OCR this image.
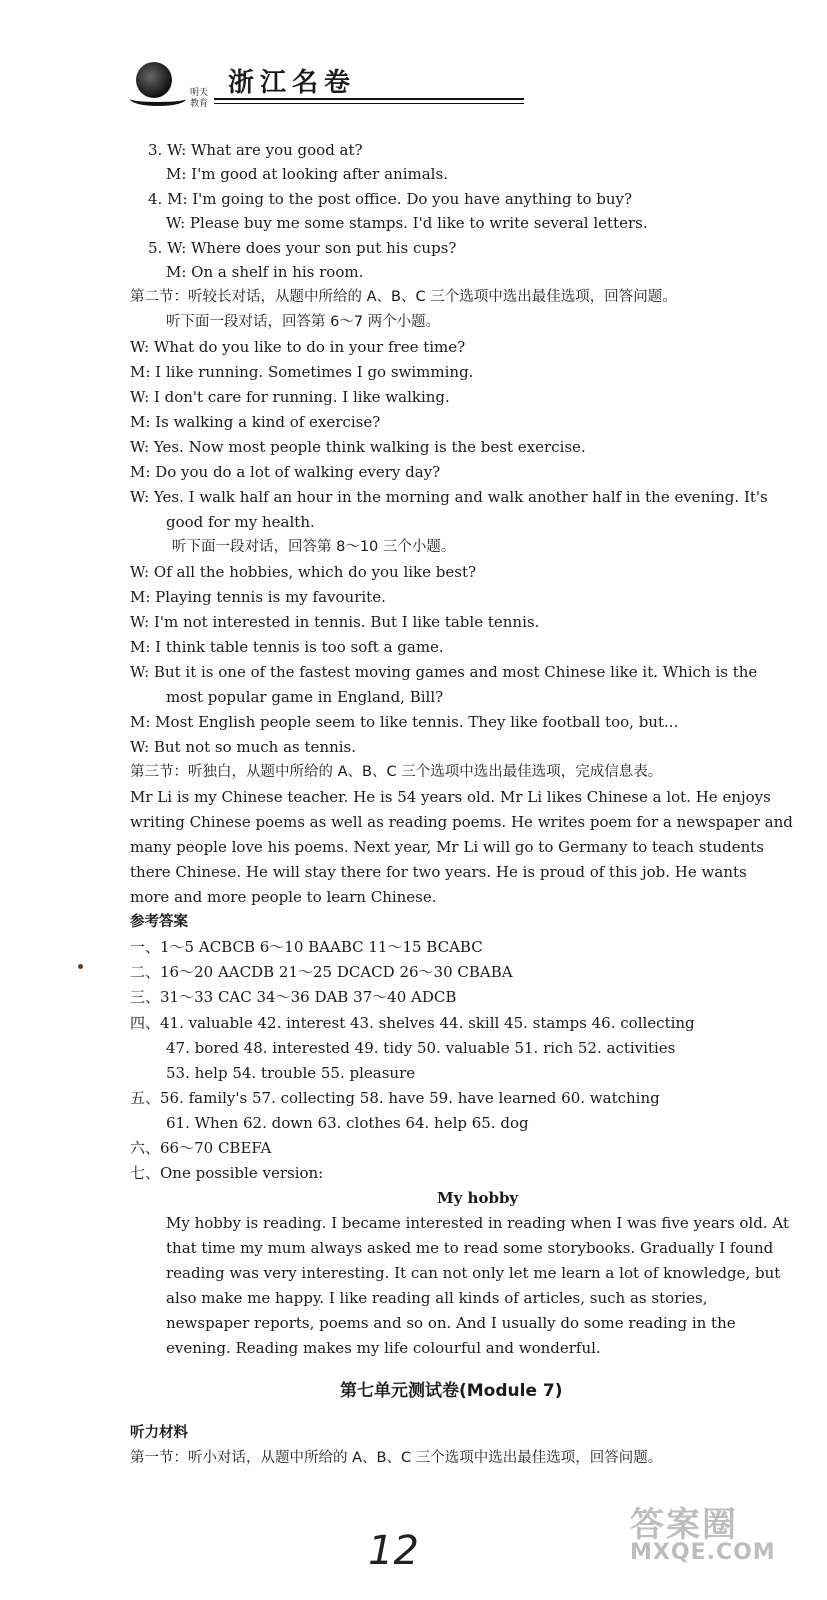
明天教育
浙江名卷
3. W: What are you good at?
M: I'm good at looking after animals.
4. M: I'm going to the post office. Do you have anything to buy?
W: Please buy me some stamps. I'd like to write several letters.
5. W: Where does your son put his cups?
M: On a shelf in his room.
第二节：听较长对话，从题中所给的 A、B、C 三个选项中选出最佳选项，回答问题。
听下面一段对话，回答第 6～7 两个小题。
W: What do you like to do in your free time?
M: I like running. Sometimes I go swimming.
W: I don't care for running. I like walking.
M: Is walking a kind of exercise?
W: Yes. Now most people think walking is the best exercise.
M: Do you do a lot of walking every day?
W: Yes. I walk half an hour in the morning and walk another half in the evening. It's
good for my health.
听下面一段对话，回答第 8～10 三个小题。
W: Of all the hobbies, which do you like best?
M: Playing tennis is my favourite.
W: I'm not interested in tennis. But I like table tennis.
M: I think table tennis is too soft a game.
W: But it is one of the fastest moving games and most Chinese like it. Which is the
most popular game in England, Bill?
M: Most English people seem to like tennis. They like football too, but...
W: But not so much as tennis.
第三节：听独白，从题中所给的 A、B、C 三个选项中选出最佳选项，完成信息表。
Mr Li is my Chinese teacher. He is 54 years old. Mr Li likes Chinese a lot. He enjoys
writing Chinese poems as well as reading poems. He writes poem for a newspaper and
many people love his poems. Next year, Mr Li will go to Germany to teach students
there Chinese. He will stay there for two years. He is proud of this job. He wants
more and more people to learn Chinese.
参考答案
一、1～5 ACBCB 6～10 BAABC 11～15 BCABC
二、16～20 AACDB 21～25 DCACD 26～30 CBABA
三、31～33 CAC 34～36 DAB 37～40 ADCB
四、41. valuable 42. interest 43. shelves 44. skill 45. stamps 46. collecting
47. bored 48. interested 49. tidy 50. valuable 51. rich 52. activities
53. help 54. trouble 55. pleasure
五、56. family's 57. collecting 58. have 59. have learned 60. watching
61. When 62. down 63. clothes 64. help 65. dog
六、66～70 CBEFA
七、One possible version:
My hobby
My hobby is reading. I became interested in reading when I was five years old. At
that time my mum always asked me to read some storybooks. Gradually I found
reading was very interesting. It can not only let me learn a lot of knowledge, but
also make me happy. I like reading all kinds of articles, such as stories,
newspaper reports, poems and so on. And I usually do some reading in the
evening. Reading makes my life colourful and wonderful.
第七单元测试卷(Module 7)
听力材料
第一节：听小对话，从题中所给的 A、B、C 三个选项中选出最佳选项，回答问题。
12
答案圈
MXQE.COM
